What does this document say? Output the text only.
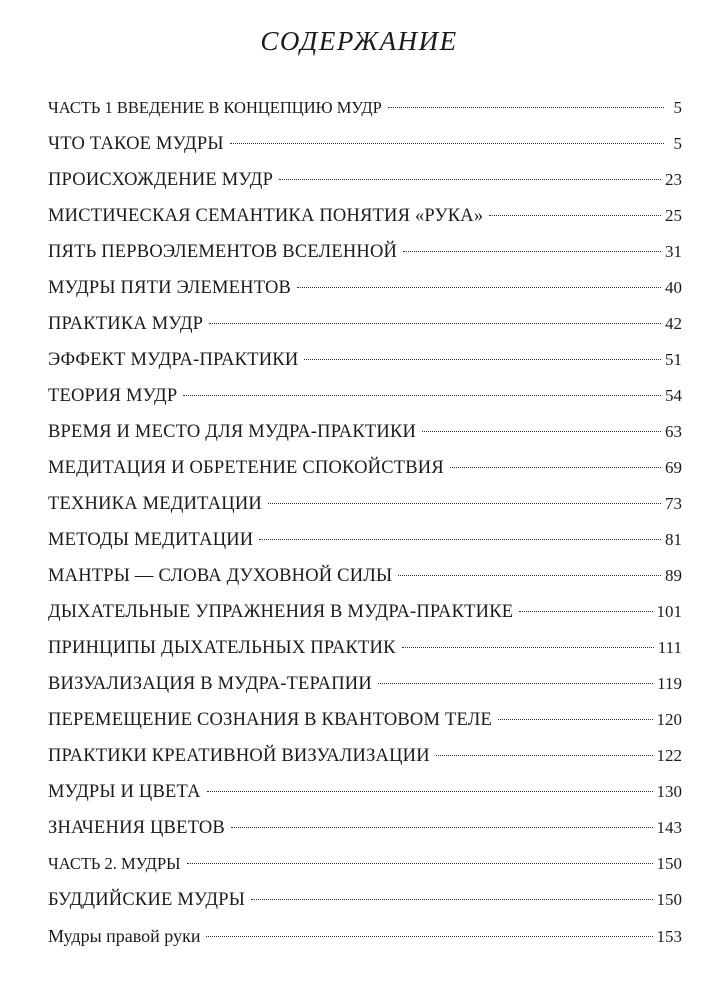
СОДЕРЖАНИЕ
ЧАСТЬ 1 ВВЕДЕНИЕ В КОНЦЕПЦИЮ МУДР	5
ЧТО ТАКОЕ МУДРЫ	5
ПРОИСХОЖДЕНИЕ МУДР	23
МИСТИЧЕСКАЯ СЕМАНТИКА ПОНЯТИЯ «РУКА»	25
ПЯТЬ ПЕРВОЭЛЕМЕНТОВ ВСЕЛЕННОЙ	31
МУДРЫ ПЯТИ ЭЛЕМЕНТОВ	40
ПРАКТИКА МУДР	42
ЭФФЕКТ МУДРА-ПРАКТИКИ	51
ТЕОРИЯ МУДР	54
ВРЕМЯ И МЕСТО ДЛЯ МУДРА-ПРАКТИКИ	63
МЕДИТАЦИЯ И ОБРЕТЕНИЕ СПОКОЙСТВИЯ	69
ТЕХНИКА МЕДИТАЦИИ	73
МЕТОДЫ МЕДИТАЦИИ	81
МАНТРЫ — СЛОВА ДУХОВНОЙ СИЛЫ	89
ДЫХАТЕЛЬНЫЕ УПРАЖНЕНИЯ В МУДРА-ПРАКТИКЕ	101
ПРИНЦИПЫ ДЫХАТЕЛЬНЫХ ПРАКТИК	111
ВИЗУАЛИЗАЦИЯ В МУДРА-ТЕРАПИИ	119
ПЕРЕМЕЩЕНИЕ СОЗНАНИЯ В КВАНТОВОМ ТЕЛЕ	120
ПРАКТИКИ КРЕАТИВНОЙ ВИЗУАЛИЗАЦИИ	122
МУДРЫ И ЦВЕТА	130
ЗНАЧЕНИЯ ЦВЕТОВ	143
ЧАСТЬ 2. МУДРЫ	150
БУДДИЙСКИЕ МУДРЫ	150
Мудры правой руки	153
